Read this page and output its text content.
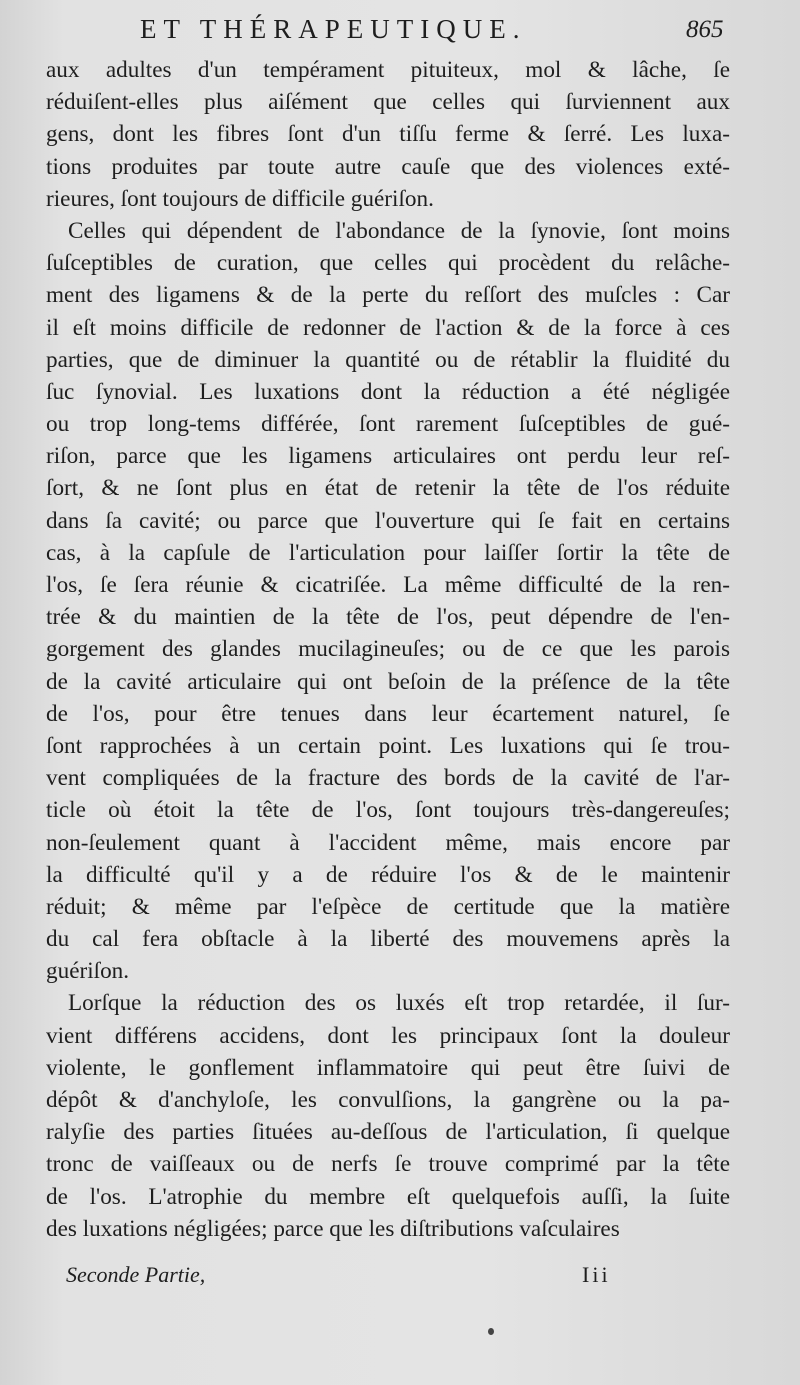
ET THÉRAPEUTIQUE.	865
aux adultes d'un tempérament pituiteux, mol & lâche, ſe
réduiſent-elles plus aiſément que celles qui ſurviennent aux
gens, dont les fibres ſont d'un tiſſu ferme & ſerré. Les luxa-
tions produites par toute autre cauſe que des violences exté-
rieures, ſont toujours de difficile guériſon.
Celles qui dépendent de l'abondance de la ſynovie, ſont moins
ſuſceptibles de curation, que celles qui procèdent du relâche-
ment des ligamens & de la perte du reſſort des muſcles : Car
il eſt moins difficile de redonner de l'action & de la force à ces
parties, que de diminuer la quantité ou de rétablir la fluidité du
ſuc ſynovial. Les luxations dont la réduction a été négligée
ou trop long-tems différée, ſont rarement ſuſceptibles de gué-
riſon, parce que les ligamens articulaires ont perdu leur reſ-
ſort, & ne ſont plus en état de retenir la tête de l'os réduite
dans ſa cavité; ou parce que l'ouverture qui ſe fait en certains
cas, à la capſule de l'articulation pour laiſſer ſortir la tête de
l'os, ſe ſera réunie & cicatriſée. La même difficulté de la ren-
trée & du maintien de la tête de l'os, peut dépendre de l'en-
gorgement des glandes mucilagineuſes; ou de ce que les parois
de la cavité articulaire qui ont beſoin de la préſence de la tête
de l'os, pour être tenues dans leur écartement naturel, ſe
ſont rapprochées à un certain point. Les luxations qui ſe trou-
vent compliquées de la fracture des bords de la cavité de l'ar-
ticle où étoit la tête de l'os, ſont toujours très-dangereuſes;
non-ſeulement quant à l'accident même, mais encore par
la difficulté qu'il y a de réduire l'os & de le maintenir
réduit; & même par l'eſpèce de certitude que la matière
du cal fera obſtacle à la liberté des mouvemens après la
guériſon.
Lorſque la réduction des os luxés eſt trop retardée, il ſur-
vient différens accidens, dont les principaux ſont la douleur
violente, le gonflement inflammatoire qui peut être ſuivi de
dépôt & d'anchyloſe, les convulſions, la gangrène ou la pa-
ralyſie des parties ſituées au-deſſous de l'articulation, ſi quelque
tronc de vaiſſeaux ou de nerfs ſe trouve comprimé par la tête
de l'os. L'atrophie du membre eſt quelquefois auſſi, la ſuite
des luxations négligées; parce que les diſtributions vaſculaires
Seconde Partie,	Iii
